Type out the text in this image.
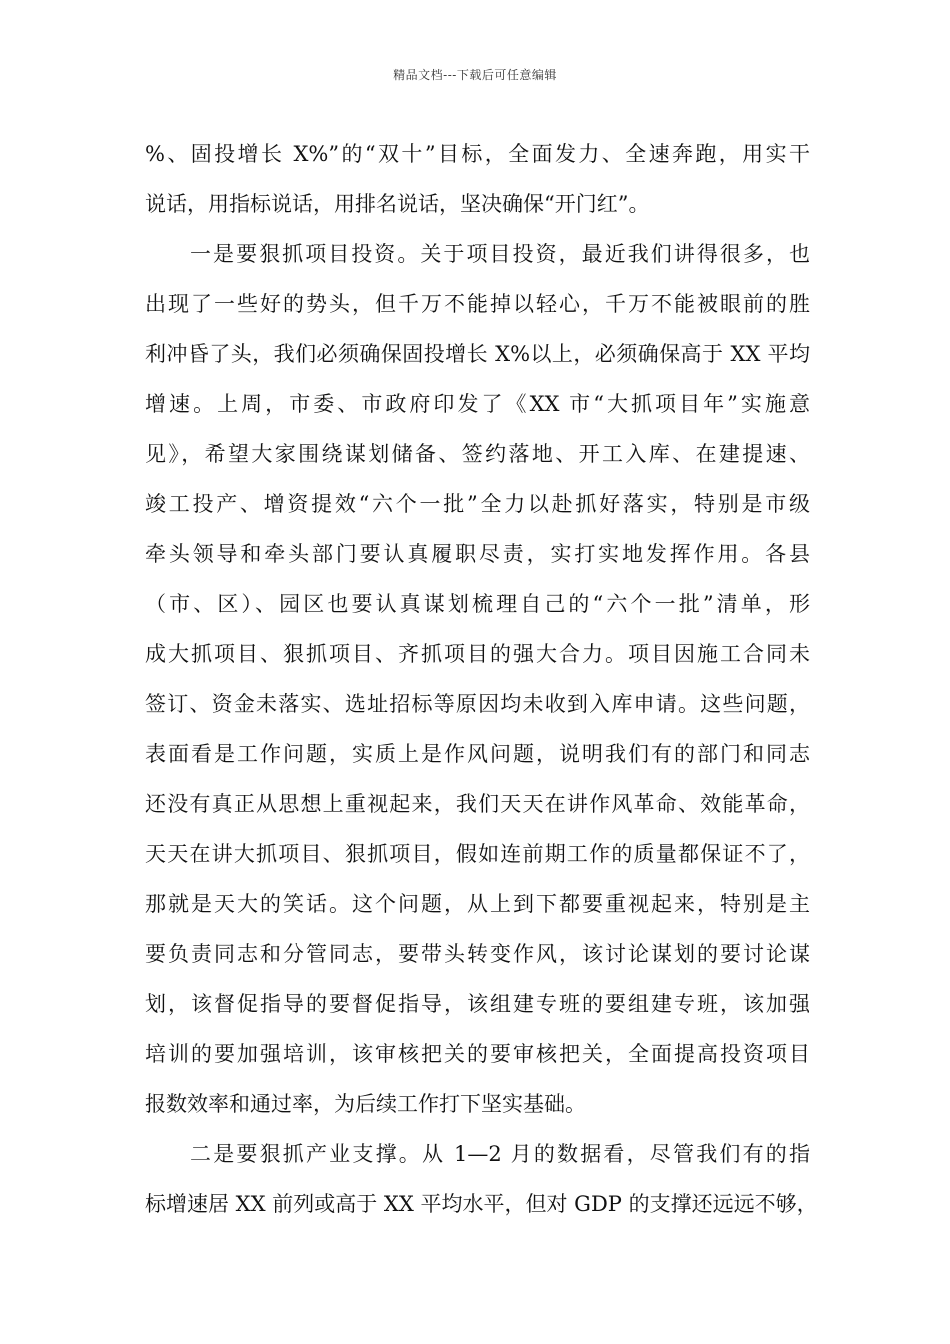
精品文档---下载后可任意编辑
%、固投增长 X%”的“双十”目标，全面发力、全速奔跑，用实干
说话，用指标说话，用排名说话，坚决确保“开门红”。
一是要狠抓项目投资。关于项目投资，最近我们讲得很多，也
出现了一些好的势头，但千万不能掉以轻心，千万不能被眼前的胜
利冲昏了头，我们必须确保固投增长 X%以上，必须确保高于 XX 平均
增速。上周，市委、市政府印发了《XX 市“大抓项目年”实施意
见》，希望大家围绕谋划储备、签约落地、开工入库、在建提速、
竣工投产、增资提效“六个一批”全力以赴抓好落实，特别是市级
牵头领导和牵头部门要认真履职尽责，实打实地发挥作用。各县
（市、区）、园区也要认真谋划梳理自己的“六个一批”清单，形
成大抓项目、狠抓项目、齐抓项目的强大合力。项目因施工合同未
签订、资金未落实、选址招标等原因均未收到入库申请。这些问题，
表面看是工作问题，实质上是作风问题，说明我们有的部门和同志
还没有真正从思想上重视起来，我们天天在讲作风革命、效能革命，
天天在讲大抓项目、狠抓项目，假如连前期工作的质量都保证不了，
那就是天大的笑话。这个问题，从上到下都要重视起来，特别是主
要负责同志和分管同志，要带头转变作风，该讨论谋划的要讨论谋
划，该督促指导的要督促指导，该组建专班的要组建专班，该加强
培训的要加强培训，该审核把关的要审核把关，全面提高投资项目
报数效率和通过率，为后续工作打下坚实基础。
二是要狠抓产业支撑。从 1—2 月的数据看，尽管我们有的指
标增速居 XX 前列或高于 XX 平均水平，但对 GDP 的支撑还远远不够，
